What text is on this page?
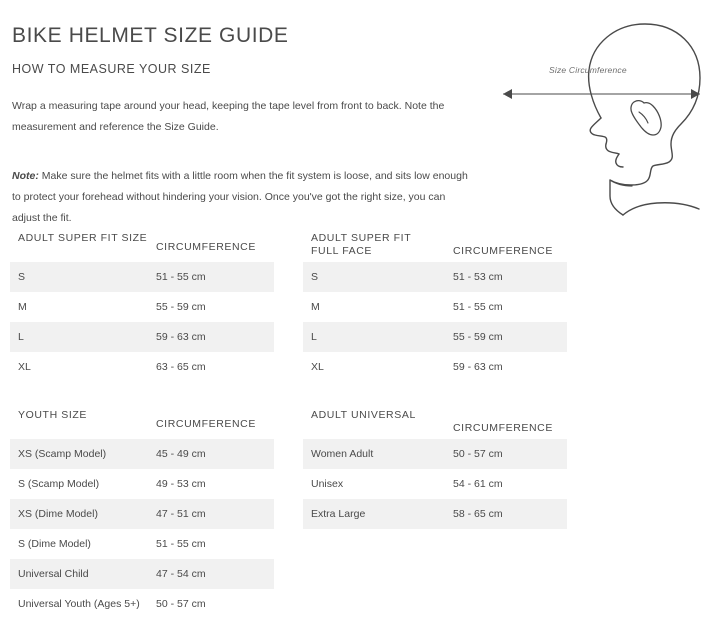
BIKE HELMET SIZE GUIDE
HOW TO MEASURE YOUR SIZE
Wrap a measuring tape around your head, keeping the tape level from front to back. Note the measurement and reference the Size Guide.
Note: Make sure the helmet fits with a little room when the fit system is loose, and sits low enough to protect your forehead without hindering your vision. Once you've got the right size, you can adjust the fit.
Size Circumference
ADULT SUPER FIT SIZE
CIRCUMFERENCE
S	51 - 55 cm
M	55 - 59 cm
L	59 - 63 cm
XL	63 - 65 cm
ADULT SUPER FIT
FULL FACE	CIRCUMFERENCE
S	51 - 53 cm
M	51 - 55 cm
L	55 - 59 cm
XL	59 - 63 cm
YOUTH SIZE
CIRCUMFERENCE
XS (Scamp Model)	45 - 49 cm
S (Scamp Model)	49 - 53 cm
XS (Dime Model)	47 - 51 cm
S (Dime Model)	51 - 55 cm
Universal Child	47 - 54 cm
Universal Youth (Ages 5+) 50 - 57 cm
ADULT UNIVERSAL
CIRCUMFERENCE
Women Adult	50 - 57 cm
Unisex	54 - 61 cm
Extra Large	58 - 65 cm
